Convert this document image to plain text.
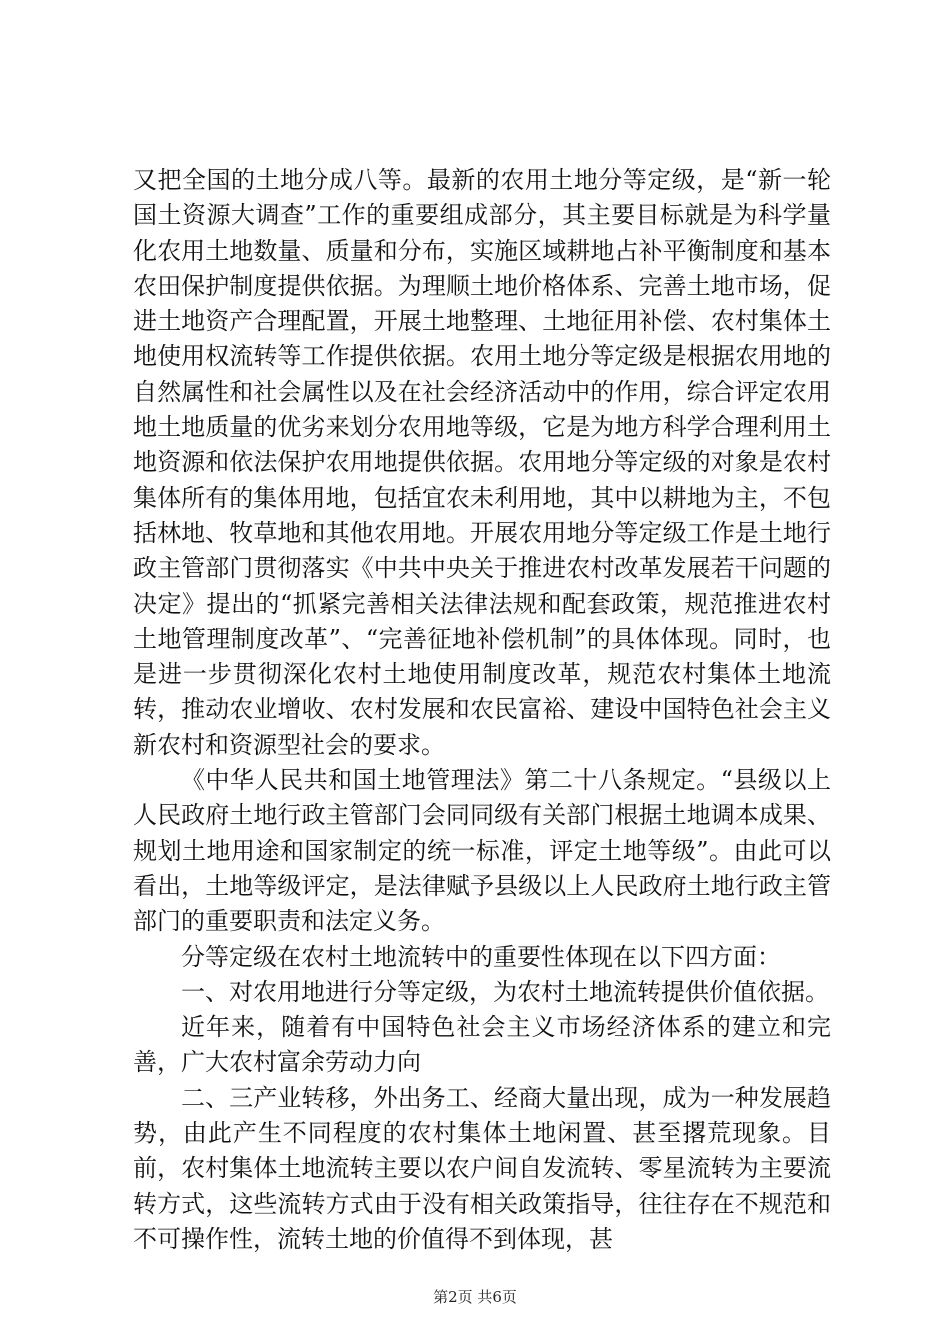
又把全国的土地分成八等。最新的农用土地分等定级，是“新一轮国土资源大调查”工作的重要组成部分，其主要目标就是为科学量化农用土地数量、质量和分布，实施区域耕地占补平衡制度和基本农田保护制度提供依据。为理顺土地价格体系、完善土地市场，促进土地资产合理配置，开展土地整理、土地征用补偿、农村集体土地使用权流转等工作提供依据。农用土地分等定级是根据农用地的自然属性和社会属性以及在社会经济活动中的作用，综合评定农用地土地质量的优劣来划分农用地等级，它是为地方科学合理利用土地资源和依法保护农用地提供依据。农用地分等定级的对象是农村集体所有的集体用地，包括宜农未利用地，其中以耕地为主，不包括林地、牧草地和其他农用地。开展农用地分等定级工作是土地行政主管部门贯彻落实《中共中央关于推进农村改革发展若干问题的决定》提出的“抓紧完善相关法律法规和配套政策，规范推进农村土地管理制度改革”、“完善征地补偿机制”的具体体现。同时，也是进一步贯彻深化农村土地使用制度改革，规范农村集体土地流转，推动农业增收、农村发展和农民富裕、建设中国特色社会主义新农村和资源型社会的要求。

《中华人民共和国土地管理法》第二十八条规定。“县级以上人民政府土地行政主管部门会同同级有关部门根据土地调本成果、规划土地用途和国家制定的统一标准，评定土地等级”。由此可以看出，土地等级评定，是法律赋予县级以上人民政府土地行政主管部门的重要职责和法定义务。

分等定级在农村土地流转中的重要性体现在以下四方面：

一、对农用地进行分等定级，为农村土地流转提供价值依据。

近年来，随着有中国特色社会主义市场经济体系的建立和完善，广大农村富余劳动力向

二、三产业转移，外出务工、经商大量出现，成为一种发展趋势，由此产生不同程度的农村集体土地闲置、甚至撂荒现象。目前，农村集体土地流转主要以农户间自发流转、零星流转为主要流转方式，这些流转方式由于没有相关政策指导，往往存在不规范和不可操作性，流转土地的价值得不到体现，甚

第2页 共6页
